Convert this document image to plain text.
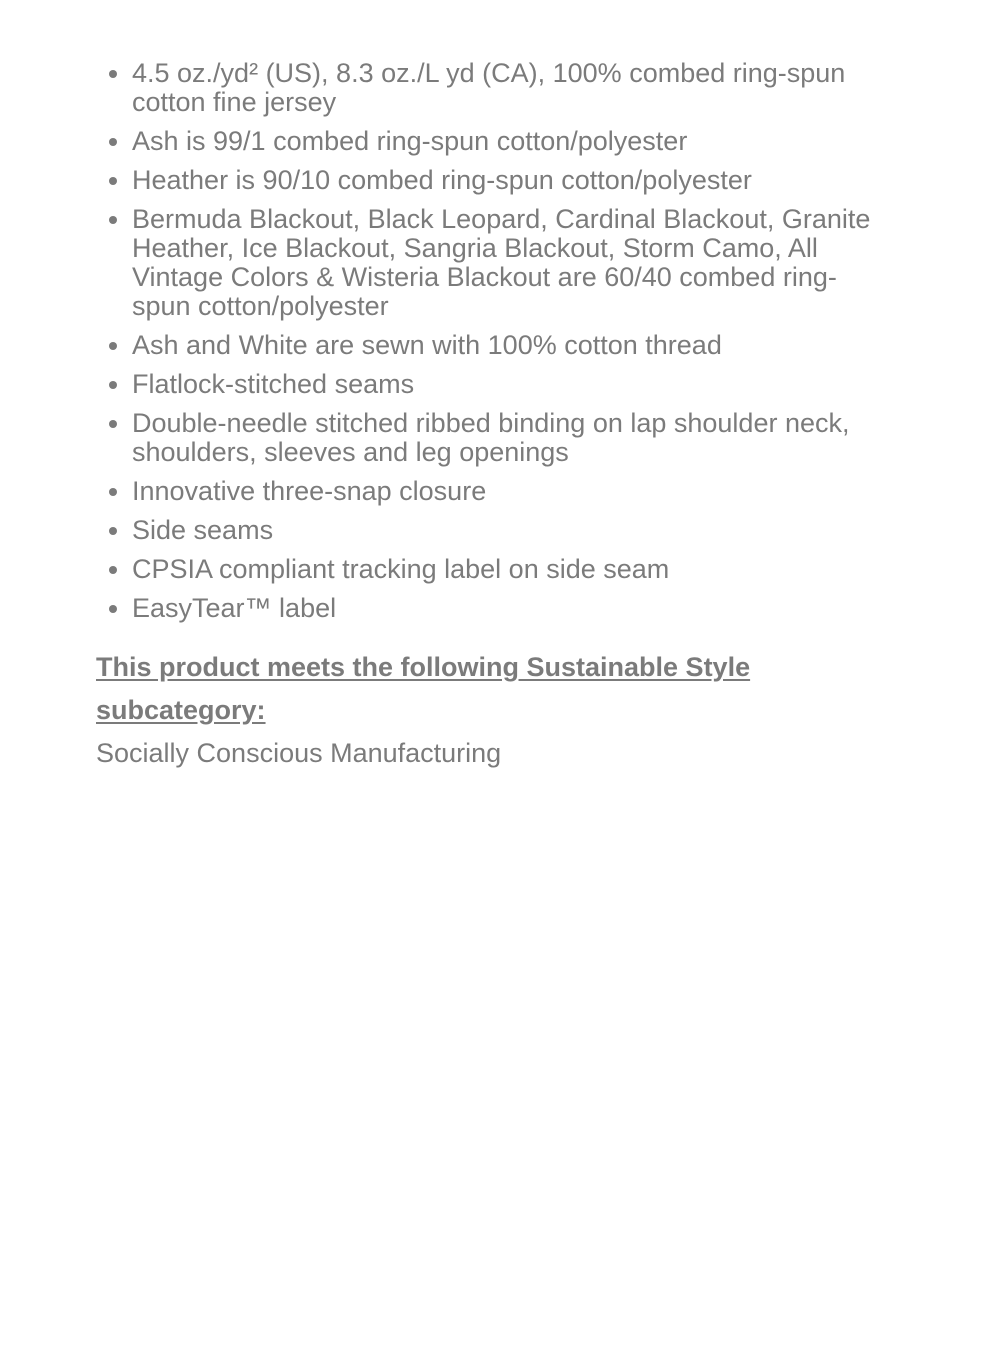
4.5 oz./yd² (US), 8.3 oz./L yd (CA), 100% combed ring-spun cotton fine jersey
Ash is 99/1 combed ring-spun cotton/polyester
Heather is 90/10 combed ring-spun cotton/polyester
Bermuda Blackout, Black Leopard, Cardinal Blackout, Granite Heather, Ice Blackout, Sangria Blackout, Storm Camo, All Vintage Colors & Wisteria Blackout are 60/40 combed ring-spun cotton/polyester
Ash and White are sewn with 100% cotton thread
Flatlock-stitched seams
Double-needle stitched ribbed binding on lap shoulder neck, shoulders, sleeves and leg openings
Innovative three-snap closure
Side seams
CPSIA compliant tracking label on side seam
EasyTear™ label

This product meets the following Sustainable Style subcategory:

Socially Conscious Manufacturing
